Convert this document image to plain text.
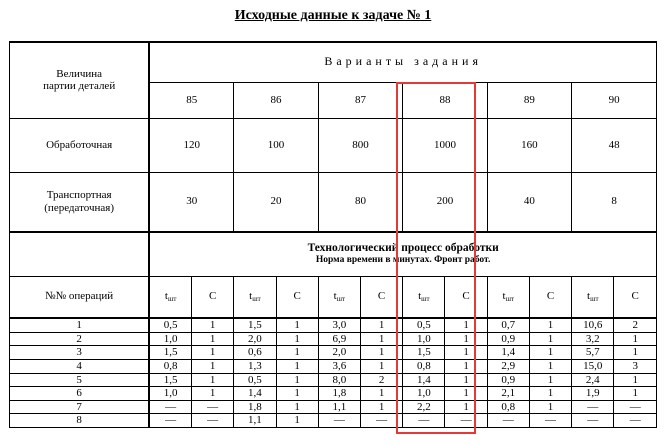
Исходные данные к задаче № 1
Величина
партии деталей	Варианты задания											
	85		86		87		88		89		90	
Обработочная	120		100		800		1000		160		48	
Транспортная
(передаточная)	30		20		80		200		40		8	

	Технологический процесс обработки
Норма времени в минутах. Фронт работ.											

№№ операций	tшт	С	tшт	С	tшт	С	tшт	С	tшт	С	tшт	С
1	0,5	1	1,5	1	3,0	1	0,5	1	0,7	1	10,6	2
2	1,0	1	2,0	1	6,9	1	1,0	1	0,9	1	3,2	1
3	1,5	1	0,6	1	2,0	1	1,5	1	1,4	1	5,7	1
4	0,8	1	1,3	1	3,6	1	0,8	1	2,9	1	15,0	3
5	1,5	1	0,5	1	8,0	2	1,4	1	0,9	1	2,4	1
6	1,0	1	1,4	1	1,8	1	1,0	1	2,1	1	1,9	1
7	—	—	1,8	1	1,1	1	2,2	1	0,8	1	—	—
8	—	—	1,1	1	—	—	—	—	—	—	—	—
